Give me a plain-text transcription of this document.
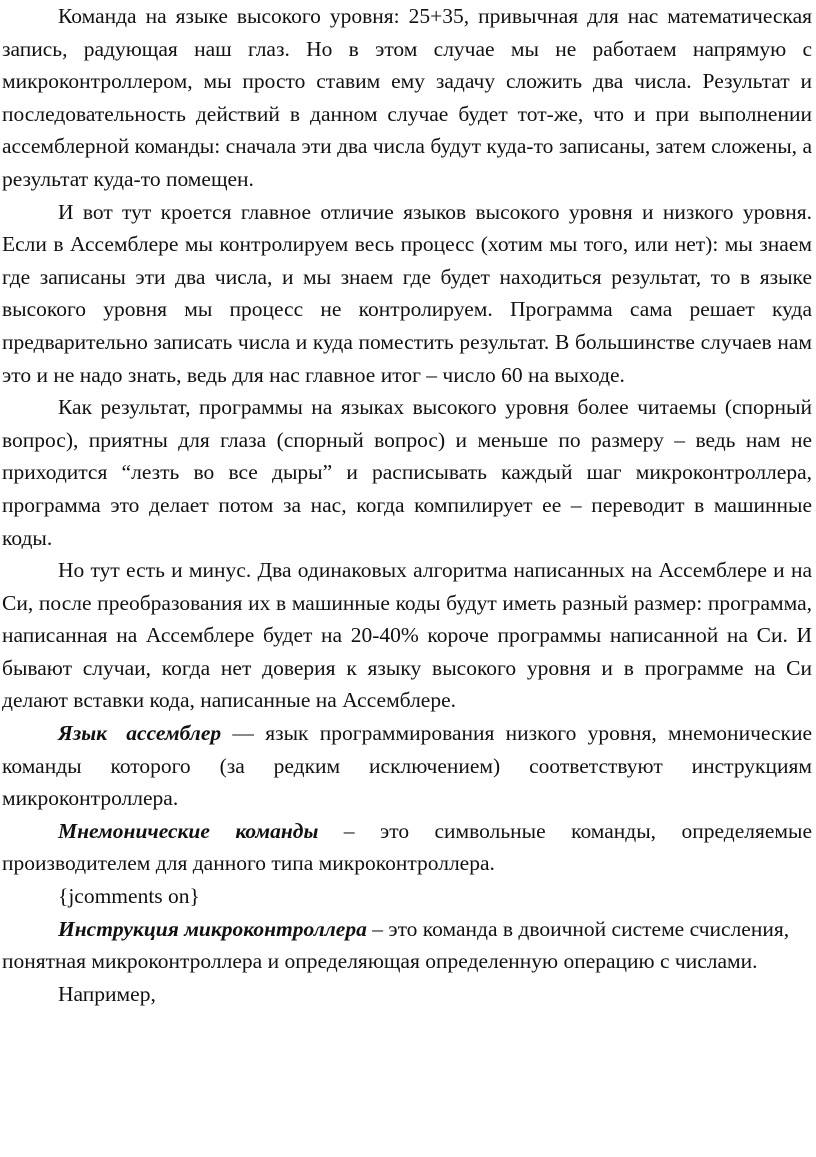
Команда на языке высокого уровня: 25+35, привычная для нас математическая запись, радующая наш глаз. Но в этом случае мы не работаем напрямую с микроконтроллером, мы просто ставим ему задачу сложить два числа. Результат и последовательность действий в данном случае будет тот-же, что и при выполнении ассемблерной команды: сначала эти два числа будут куда-то записаны, затем сложены, а результат куда-то помещен.

И вот тут кроется главное отличие языков высокого уровня и низкого уровня. Если в Ассемблере мы контролируем весь процесс (хотим мы того, или нет): мы знаем где записаны эти два числа, и мы знаем где будет находиться результат, то в языке высокого уровня мы процесс не контролируем. Программа сама решает куда предварительно записать числа и куда поместить результат. В большинстве случаев нам это и не надо знать, ведь для нас главное итог – число 60 на выходе.

Как результат, программы на языках высокого уровня более читаемы (спорный вопрос), приятны для глаза (спорный вопрос) и меньше по размеру – ведь нам не приходится “лезть во все дыры” и расписывать каждый шаг микроконтроллера, программа это делает потом за нас, когда компилирует ее – переводит в машинные коды.

Но тут есть и минус. Два одинаковых алгоритма написанных на Ассемблере и на Си, после преобразования их в машинные коды будут иметь разный размер: программа, написанная на Ассемблере будет на 20-40% короче программы написанной на Си. И бывают случаи, когда нет доверия к языку высокого уровня и в программе на Си делают вставки кода, написанные на Ассемблере.

Язык ассемблер — язык программирования низкого уровня, мнемонические команды которого (за редким исключением) соответствуют инструкциям микроконтроллера.

Мнемонические команды – это символьные команды, определяемые производителем для данного типа микроконтроллера.

{jcomments on}

Инструкция микроконтроллера – это команда в двоичной системе счисления, понятная микроконтроллера и определяющая определенную операцию с числами.

Например,
